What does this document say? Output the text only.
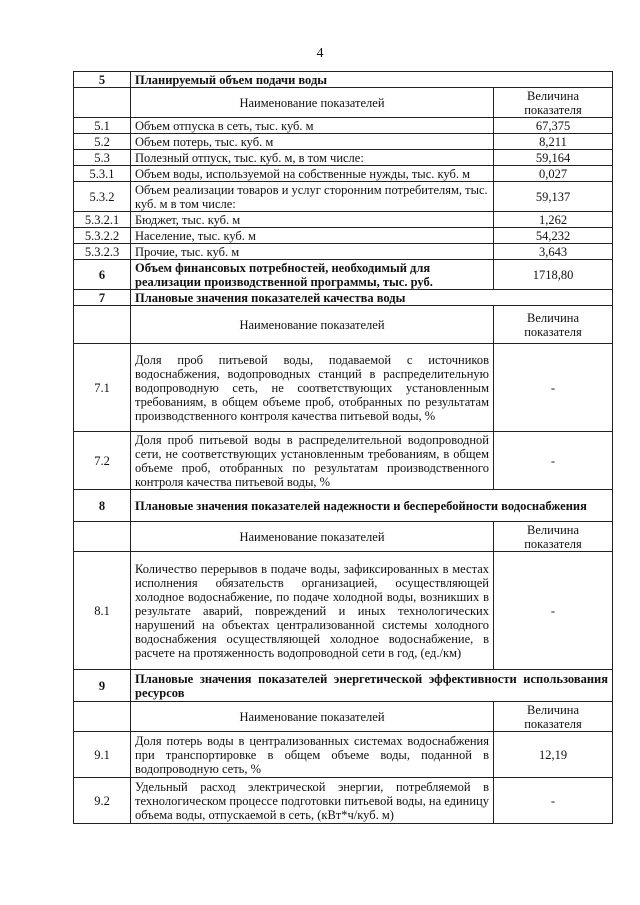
4
5	Планируемый объем подачи воды	
	Наименование показателей	Величина показателя
5.1	Объем отпуска в сеть, тыс. куб. м	67,375
5.2	Объем потерь, тыс. куб. м	8,211
5.3	Полезный отпуск, тыс. куб. м, в том числе:	59,164
5.3.1	Объем воды, используемой на собственные нужды, тыс. куб. м	0,027
5.3.2	Объем реализации товаров и услуг сторонним потребителям, тыс. куб. м в том числе:	59,137
5.3.2.1	Бюджет, тыс. куб. м	1,262
5.3.2.2	Население, тыс. куб. м	54,232
5.3.2.3	Прочие, тыс. куб. м	3,643
6	Объем финансовых потребностей, необходимый для реализации производственной программы, тыс. руб.	1718,80
7	Плановые значения показателей качества воды	
	Наименование показателей	Величина показателя
7.1	Доля проб питьевой воды, подаваемой с источников водоснабжения, водопроводных станций в распределительную водопроводную сеть, не соответствующих установленным требованиям, в общем объеме проб, отобранных по результатам производственного контроля качества питьевой воды, %	-
7.2	Доля проб питьевой воды в распределительной водопроводной сети, не соответствующих установленным требованиям, в общем объеме проб, отобранных по результатам производственного контроля качества питьевой воды, %	-
8	Плановые значения показателей надежности и бесперебойности водоснабжения	
	Наименование показателей	Величина показателя
8.1	Количество перерывов в подаче воды, зафиксированных в местах исполнения обязательств организацией, осуществляющей холодное водоснабжение, по подаче холодной воды, возникших в результате аварий, повреждений и иных технологических нарушений на объектах централизованной системы холодного водоснабжения осуществляющей холодное водоснабжение, в расчете на протяженность водопроводной сети в год, (ед./км)	-
9	Плановые значения показателей энергетической эффективности использования ресурсов	
	Наименование показателей	Величина показателя
9.1	Доля потерь воды в централизованных системах водоснабжения при транспортировке в общем объеме воды, поданной в водопроводную сеть, %	12,19
9.2	Удельный расход электрической энергии, потребляемой в технологическом процессе подготовки питьевой воды, на единицу объема воды, отпускаемой в сеть, (кВт*ч/куб. м)	-
